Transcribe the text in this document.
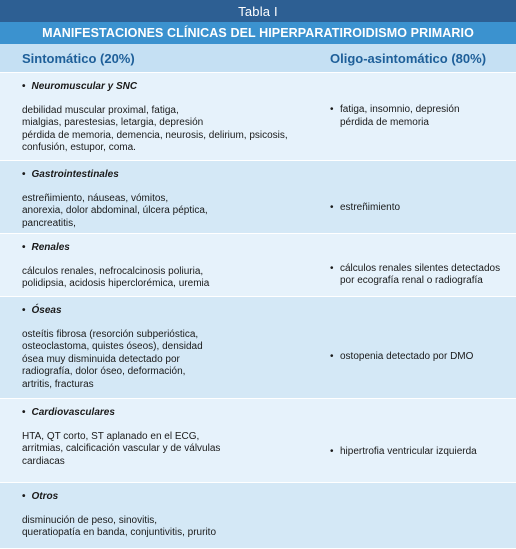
Tabla I
MANIFESTACIONES CLÍNICAS DEL HIPERPARATIROIDISMO PRIMARIO
Sintomático (20%)	Oligo-asintomático (80%)
• Neuromuscular y SNC
debilidad muscular proximal, fatiga,
mialgias, parestesias, letargia, depresión
pérdida de memoria, demencia, neurosis, delirium, psicosis,
confusión, estupor, coma.
• fatiga, insomnio, depresión
pérdida de memoria
• Gastrointestinales
estreñimiento, náuseas, vómitos,
anorexia, dolor abdominal, úlcera péptica,
pancreatitis,
• estreñimiento
• Renales
cálculos renales, nefrocalcinosis poliuria,
polidipsia, acidosis hiperclorémica, uremia
• cálculos renales silentes detectados
por ecografía renal o radiografía
• Óseas
osteítis fibrosa (resorción subperióstica,
osteoclastoma, quistes óseos), densidad
ósea muy disminuida detectado por
radiografía, dolor óseo, deformación,
artritis, fracturas
• ostopenia detectado por DMO
• Cardiovasculares
HTA, QT corto, ST aplanado en el ECG,
arritmias, calcificación vascular y de válvulas
cardiacas
• hipertrofia ventricular izquierda
• Otros
disminución de peso, sinovitis,
queratiopatía en banda, conjuntivitis, prurito
